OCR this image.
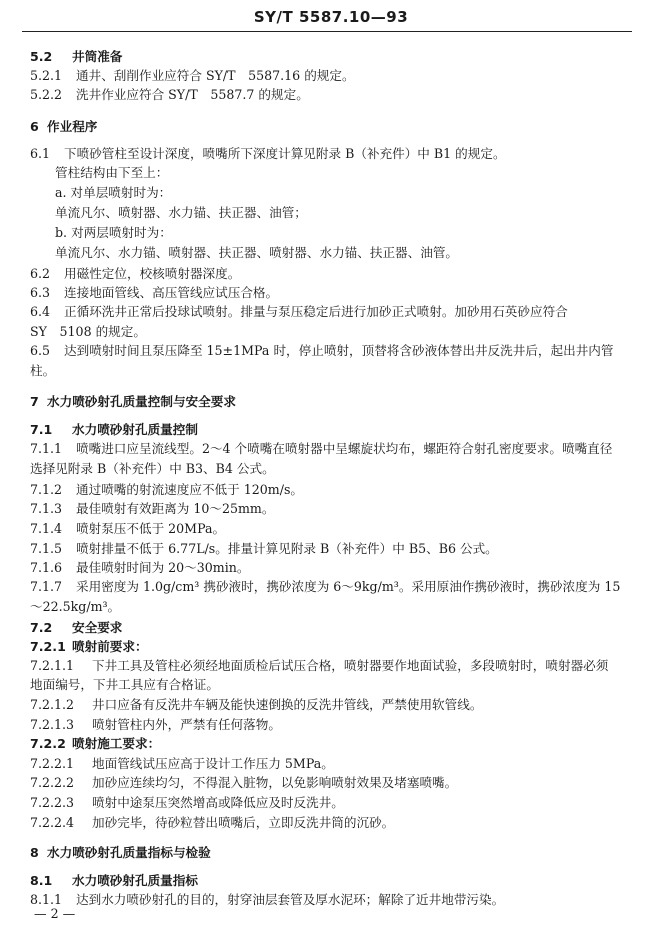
SY/T 5587.10—93
5.2 井筒准备
5.2.1 通井、刮削作业应符合 SY/T　5587.16 的规定。
5.2.2 洗井作业应符合 SY/T　5587.7 的规定。
6 作业程序
6.1 下喷砂管柱至设计深度，喷嘴所下深度计算见附录 B（补充件）中 B1 的规定。
管柱结构由下至上：
a. 对单层喷射时为：
单流凡尔、喷射器、水力锚、扶正器、油管；
b. 对两层喷射时为：
单流凡尔、水力锚、喷射器、扶正器、喷射器、水力锚、扶正器、油管。
6.2 用磁性定位，校核喷射器深度。
6.3 连接地面管线、高压管线应试压合格。
6.4 正循环洗井正常后投球试喷射。排量与泵压稳定后进行加砂正式喷射。加砂用石英砂应符合
SY　5108 的规定。
6.5 达到喷射时间且泵压降至 15±1MPa 时，停止喷射，顶替将含砂液体替出井反洗井后，起出井内管
柱。
7 水力喷砂射孔质量控制与安全要求
7.1 水力喷砂射孔质量控制
7.1.1 喷嘴进口应呈流线型。2～4 个喷嘴在喷射器中呈螺旋状均布，螺距符合射孔密度要求。喷嘴直径
选择见附录 B（补充件）中 B3、B4 公式。
7.1.2 通过喷嘴的射流速度应不低于 120m/s。
7.1.3 最佳喷射有效距离为 10～25mm。
7.1.4 喷射泵压不低于 20MPa。
7.1.5 喷射排量不低于 6.77L/s。排量计算见附录 B（补充件）中 B5、B6 公式。
7.1.6 最佳喷射时间为 20～30min。
7.1.7 采用密度为 1.0g/cm³ 携砂液时，携砂浓度为 6～9kg/m³。采用原油作携砂液时，携砂浓度为 15
～22.5kg/m³。
7.2 安全要求
7.2.1 喷射前要求：
7.2.1.1 下井工具及管柱必须经地面质检后试压合格，喷射器要作地面试验，多段喷射时，喷射器必须
地面编号，下井工具应有合格证。
7.2.1.2 井口应备有反洗井车辆及能快速倒换的反洗井管线，严禁使用软管线。
7.2.1.3 喷射管柱内外，严禁有任何落物。
7.2.2 喷射施工要求：
7.2.2.1 地面管线试压应高于设计工作压力 5MPa。
7.2.2.2 加砂应连续均匀，不得混入脏物，以免影响喷射效果及堵塞喷嘴。
7.2.2.3 喷射中途泵压突然增高或降低应及时反洗井。
7.2.2.4 加砂完毕，待砂粒替出喷嘴后，立即反洗井筒的沉砂。
8 水力喷砂射孔质量指标与检验
8.1 水力喷砂射孔质量指标
8.1.1 达到水力喷砂射孔的目的，射穿油层套管及厚水泥环；解除了近井地带污染。
— 2 —
